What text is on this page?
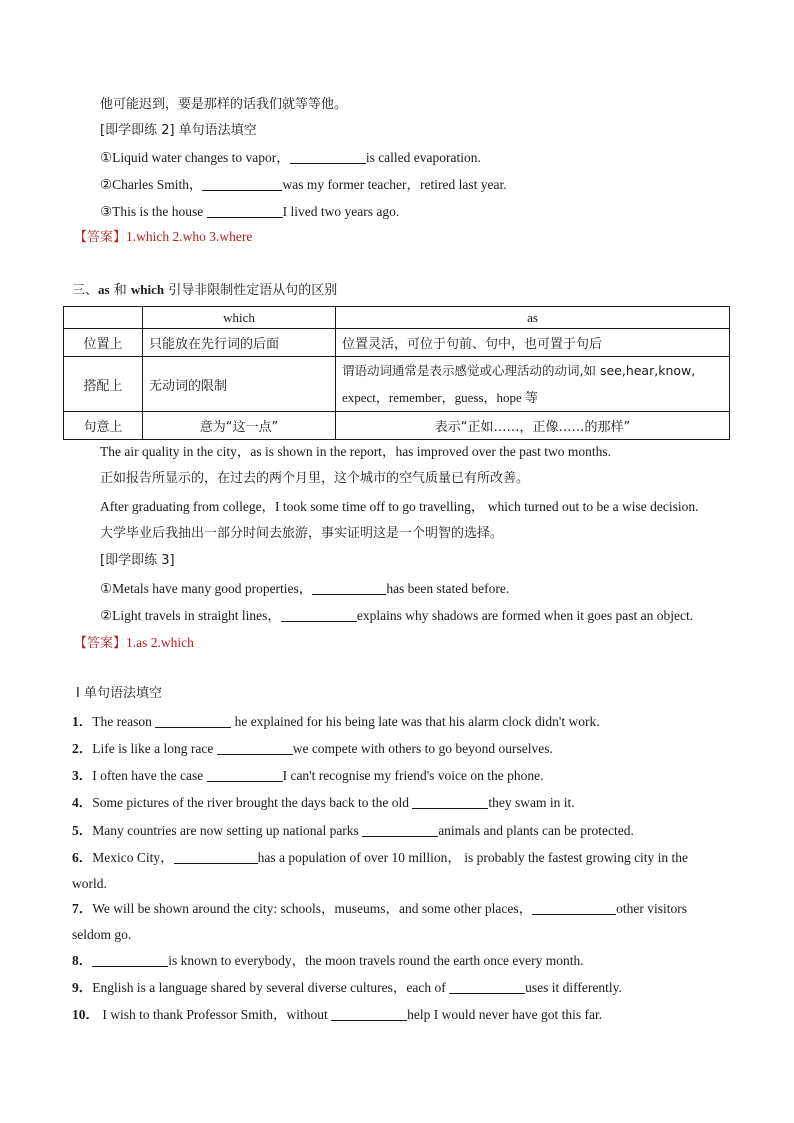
他可能迟到，要是那样的话我们就等等他。
[即学即练 2] 单句语法填空
①Liquid water changes to vapor，	is called evaporation.
②Charles Smith，	was my former teacher，retired last year.
③This is the house	I lived two years ago.
【答案】1.which 2.who 3.where
三、as 和 which 引导非限制性定语从句的区别
	which	as
位置上	只能放在先行词的后面	位置灵活，可位于句前、句中，也可置于句后
搭配上	无动词的限制	谓语动词通常是表示感觉或心理活动的动词,如 see,hear,know,
expect，remember，guess，hope 等

句意上	意为“这一点”	表示“正如……，正像……的那样”
The air quality in the city，as is shown in the report，has improved over the past two months.
正如报告所显示的，在过去的两个月里，这个城市的空气质量已有所改善。
After graduating from college，I took some time off to go travelling， which turned out to be a wise decision.
大学毕业后我抽出一部分时间去旅游，事实证明这是一个明智的选择。
[即学即练 3]
①Metals have many good properties，	has been stated before.
②Light travels in straight lines，	explains why shadows are formed when it goes past an object.
【答案】1.as 2.which
Ⅰ 单句语法填空
1．The reason	he explained for his being late was that his alarm clock didn't work.
2．Life is like a long race	we compete with others to go beyond ourselves.
3．I often have the case	I can't recognise my friend's voice on the phone.
4．Some pictures of the river brought the days back to the old	they swam in it.
5．Many countries are now setting up national parks	animals and plants can be protected.
6．Mexico City，	has a population of over 10 million， is probably the fastest growing city in the
world.
7．We will be shown around the city: schools，museums，and some other places，	other visitors
seldom go.
8．	is known to everybody，the moon travels round the earth once every month.
9．English is a language shared by several diverse cultures，each of	uses it differently.
10． I wish to thank Professor Smith，without	help I would never have got this far.
